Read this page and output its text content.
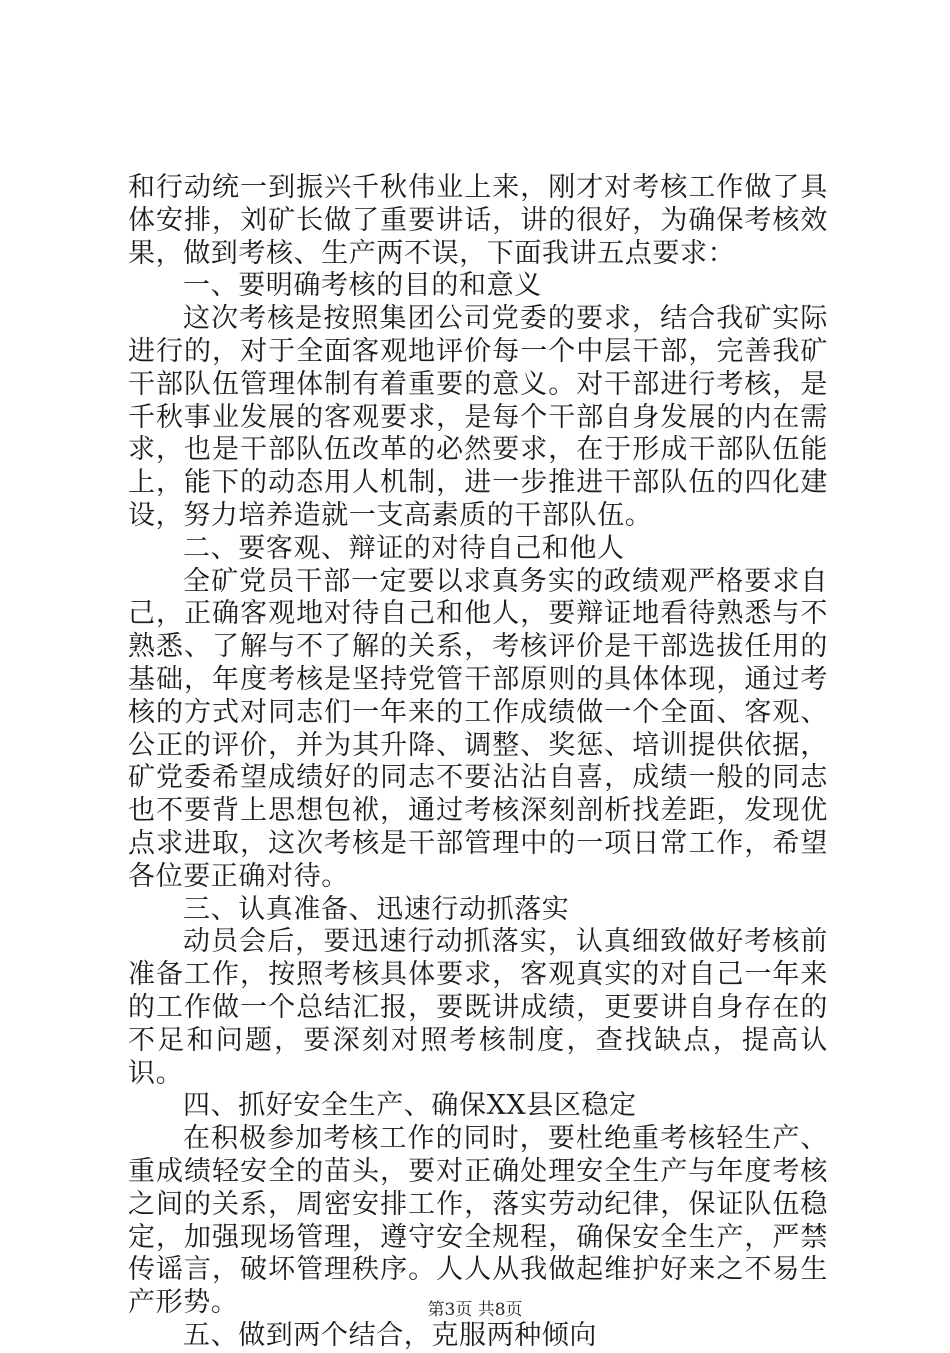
和行动统一到振兴千秋伟业上来，刚才对考核工作做了具体安排，刘矿长做了重要讲话，讲的很好，为确保考核效果，做到考核、生产两不误，下面我讲五点要求：

一、要明确考核的目的和意义

这次考核是按照集团公司党委的要求，结合我矿实际进行的，对于全面客观地评价每一个中层干部，完善我矿干部队伍管理体制有着重要的意义。对干部进行考核，是千秋事业发展的客观要求，是每个干部自身发展的内在需求，也是干部队伍改革的必然要求，在于形成干部队伍能上，能下的动态用人机制，进一步推进干部队伍的四化建设，努力培养造就一支高素质的干部队伍。

二、要客观、辩证的对待自己和他人

全矿党员干部一定要以求真务实的政绩观严格要求自己，正确客观地对待自己和他人，要辩证地看待熟悉与不熟悉、了解与不了解的关系，考核评价是干部选拔任用的基础，年度考核是坚持党管干部原则的具体体现，通过考核的方式对同志们一年来的工作成绩做一个全面、客观、公正的评价，并为其升降、调整、奖惩、培训提供依据，矿党委希望成绩好的同志不要沾沾自喜，成绩一般的同志也不要背上思想包袱，通过考核深刻剖析找差距，发现优点求进取，这次考核是干部管理中的一项日常工作，希望各位要正确对待。

三、认真准备、迅速行动抓落实

动员会后，要迅速行动抓落实，认真细致做好考核前准备工作，按照考核具体要求，客观真实的对自己一年来的工作做一个总结汇报，要既讲成绩，更要讲自身存在的不足和问题，要深刻对照考核制度，查找缺点，提高认识。

四、抓好安全生产、确保XX县区稳定

在积极参加考核工作的同时，要杜绝重考核轻生产、重成绩轻安全的苗头，要对正确处理安全生产与年度考核之间的关系，周密安排工作，落实劳动纪律，保证队伍稳定，加强现场管理，遵守安全规程，确保安全生产，严禁传谣言，破坏管理秩序。人人从我做起维护好来之不易生产形势。

五、做到两个结合，克服两种倾向

第3页 共8页
